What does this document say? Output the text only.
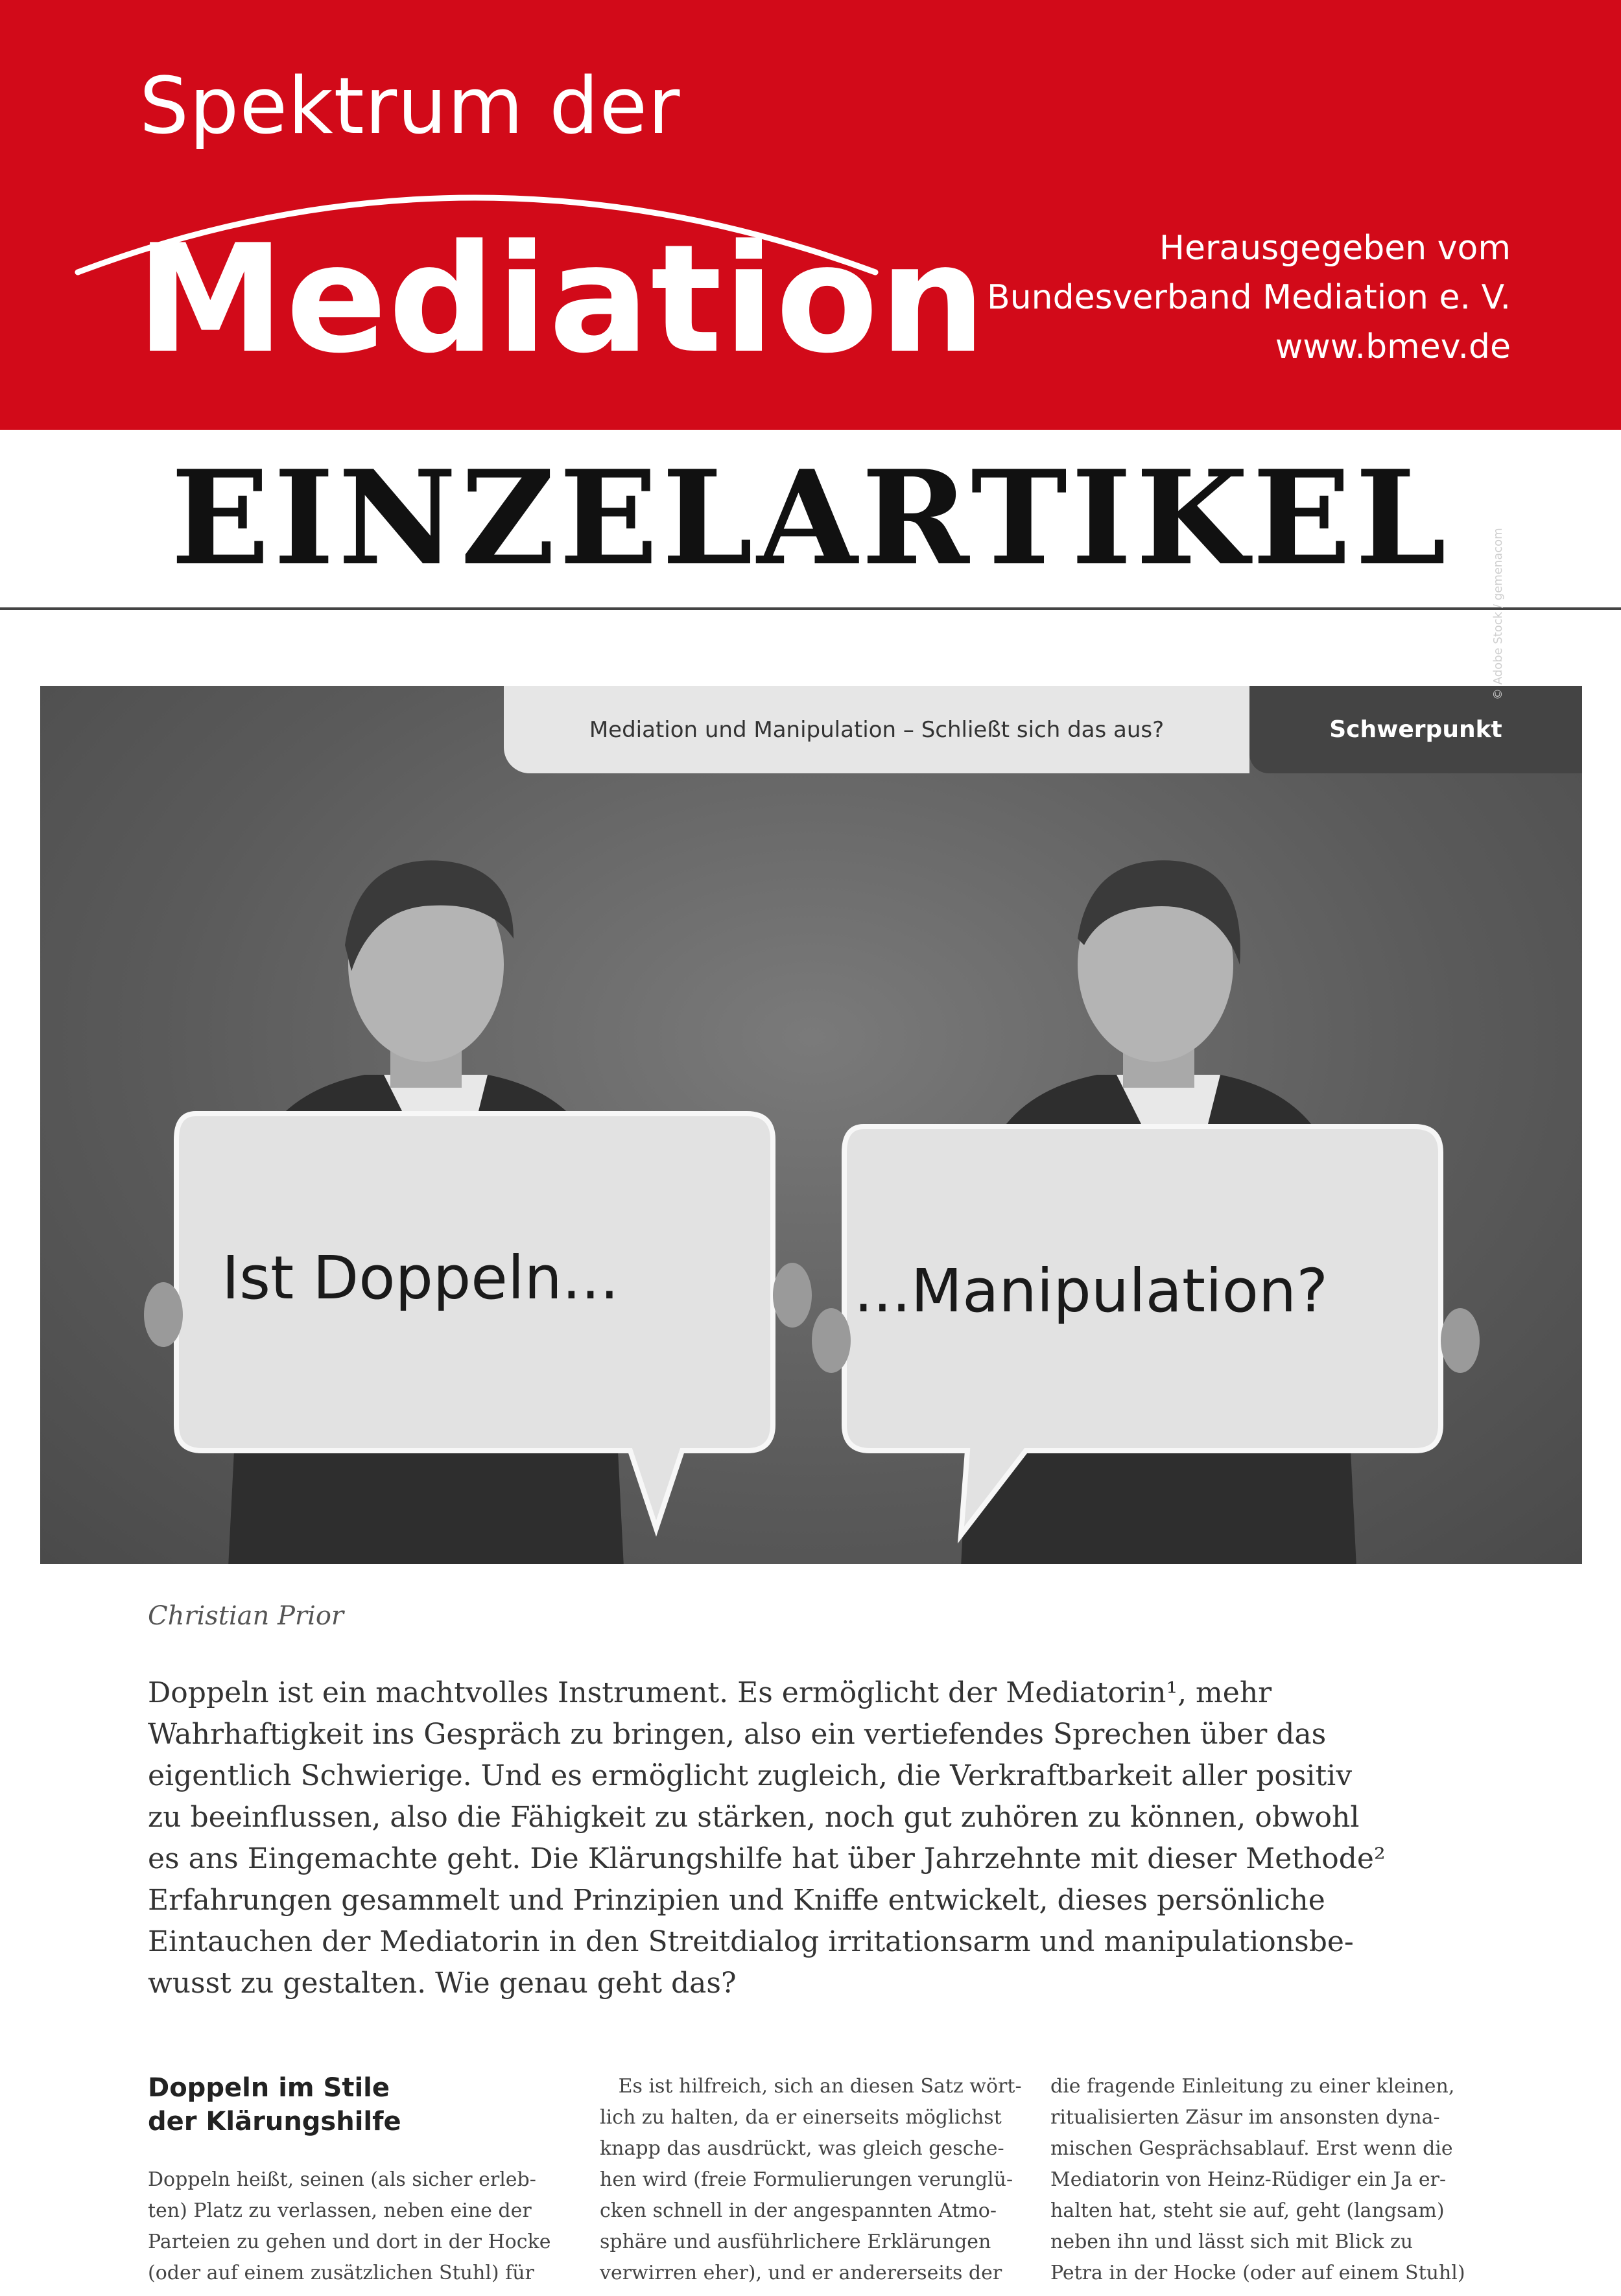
Spektrum der
Mediation	Herausgegeben vom
Bundesverband Mediation e. V.
www.bmev.de
EINZELARTIKEL
Mediation und Manipulation – Schließt sich das aus?	Schwerpunkt
Ist Doppeln...	...Manipulation?
© Adobe Stock / gemenacom
Christian Prior
Doppeln ist ein machtvolles Instrument. Es ermöglicht der Mediatorin¹, mehr
Wahrhaftigkeit ins Gespräch zu bringen, also ein vertiefendes Sprechen über das
eigentlich Schwierige. Und es ermöglicht zugleich, die Verkraftbarkeit aller positiv
zu beeinflussen, also die Fähigkeit zu stärken, noch gut zuhören zu können, obwohl
es ans Eingemachte geht. Die Klärungshilfe hat über Jahrzehnte mit dieser Methode²
Erfahrungen gesammelt und Prinzipien und Kniffe entwickelt, dieses persönliche
Eintauchen der Mediatorin in den Streitdialog irritationsarm und manipulationsbe-
wusst zu gestalten. Wie genau geht das?
Doppeln im Stile
der Klärungshilfe
Doppeln heißt, seinen (als sicher erleb-
ten) Platz zu verlassen, neben eine der
Parteien zu gehen und dort in der Hocke
(oder auf einem zusätzlichen Stuhl) für
Es ist hilfreich, sich an diesen Satz wört-
lich zu halten, da er einerseits möglichst
knapp das ausdrückt, was gleich gesche-
hen wird (freie Formulierungen verunglü-
cken schnell in der angespannten Atmo-
sphäre und ausführlichere Erklärungen
verwirren eher), und er andererseits der
die fragende Einleitung zu einer kleinen,
ritualisierten Zäsur im ansonsten dyna-
mischen Gesprächsablauf. Erst wenn die
Mediatorin von Heinz-Rüdiger ein Ja er-
halten hat, steht sie auf, geht (langsam)
neben ihn und lässt sich mit Blick zu
Petra in der Hocke (oder auf einem Stuhl)
